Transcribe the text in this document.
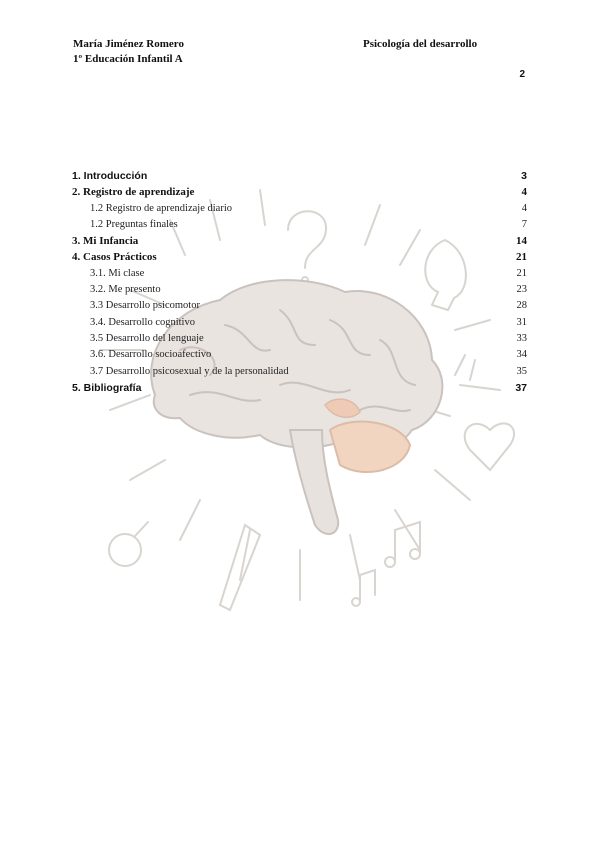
María Jiménez Romero
1º Educación Infantil A
Psicología del desarrollo
2
1. Introducción	3
2. Registro de aprendizaje	4
1.2 Registro de aprendizaje diario	4
1.2 Preguntas finales	7
3. Mi Infancia	14
4. Casos Prácticos	21
3.1. Mi clase	21
3.2. Me presento	23
3.3 Desarrollo psicomotor	28
3.4. Desarrollo cognitivo	31
3.5 Desarrollo del lenguaje	33
3.6. Desarrollo socioafectivo	34
3.7 Desarrollo psicosexual y de la personalidad	35
5. Bibliografía	37
